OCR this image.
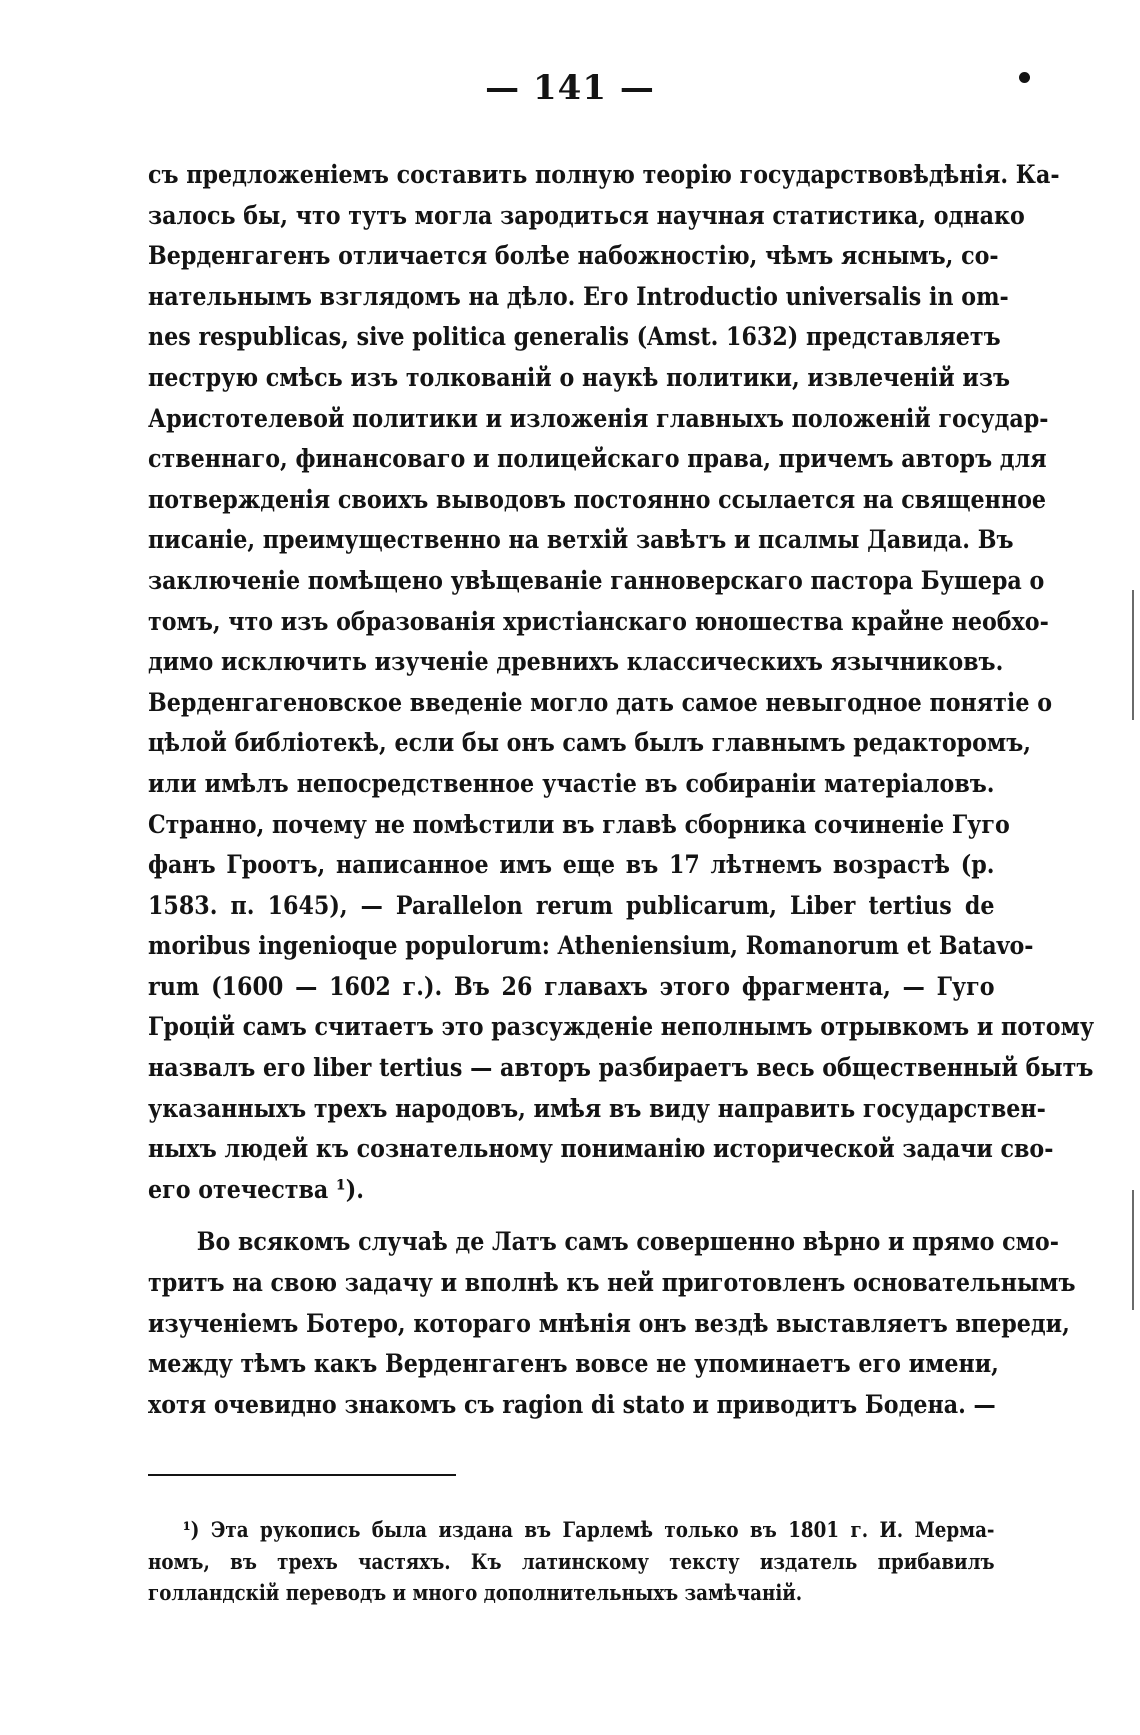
— 141 —
съ предложеніемъ составить полную теорію государствовѣдѣнія. Ка-
залось бы, что тутъ могла зародиться научная статистика, однако
Верденгагенъ отличается болѣе набожностію, чѣмъ яснымъ, со-
нательнымъ взглядомъ на дѣло. Его Introductio universalis in om-
nes respublicas, sive politica generalis (Amst. 1632) представляетъ
пеструю смѣсь изъ толкованій о наукѣ политики, извлеченій изъ
Аристотелевой политики и изложенія главныхъ положеній государ-
ственнаго, финансоваго и полицейскаго права, причемъ авторъ для
потвержденія своихъ выводовъ постоянно ссылается на священное
писаніе, преимущественно на ветхій завѣтъ и псалмы Давида. Въ
заключеніе помѣщено увѣщеваніе ганноверскаго пастора Бушера о
томъ, что изъ образованія христіанскаго юношества крайне необхо-
димо исключить изученіе древнихъ классическихъ язычниковъ.
Верденгагеновское введеніе могло дать самое невыгодное понятіе о
цѣлой библіотекѣ, если бы онъ самъ былъ главнымъ редакторомъ,
или имѣлъ непосредственное участіе въ собираніи матеріаловъ.
Странно, почему не помѣстили въ главѣ сборника сочиненіе Гуго
фанъ Гроотъ, написанное имъ еще въ 17 лѣтнемъ возрастѣ (р.
1583. п. 1645), — Parallelon rerum publicarum, Liber tertius de
moribus ingenioque populorum: Atheniensium, Romanorum et Batavo-
rum (1600 — 1602 г.). Въ 26 главахъ этого фрагмента, — Гуго
Гроцій самъ считаетъ это разсужденіе неполнымъ отрывкомъ и потому
назвалъ его liber tertius — авторъ разбираетъ весь общественный бытъ
указанныхъ трехъ народовъ, имѣя въ виду направить государствен-
ныхъ людей къ сознательному пониманію исторической задачи сво-
его отечества ¹).
Во всякомъ случаѣ де Латъ самъ совершенно вѣрно и прямо смо-
тритъ на свою задачу и вполнѣ къ ней приготовленъ основательнымъ
изученіемъ Ботеро, котораго мнѣнія онъ вездѣ выставляетъ впереди,
между тѣмъ какъ Верденгагенъ вовсе не упоминаетъ его имени,
хотя очевидно знакомъ съ ragion di stato и приводитъ Бодена. —
¹) Эта рукопись была издана въ Гарлемѣ только въ 1801 г. И. Мерма-
номъ, въ трехъ частяхъ. Къ латинскому тексту издатель прибавилъ
голландскій переводъ и много дополнительныхъ замѣчаній.
